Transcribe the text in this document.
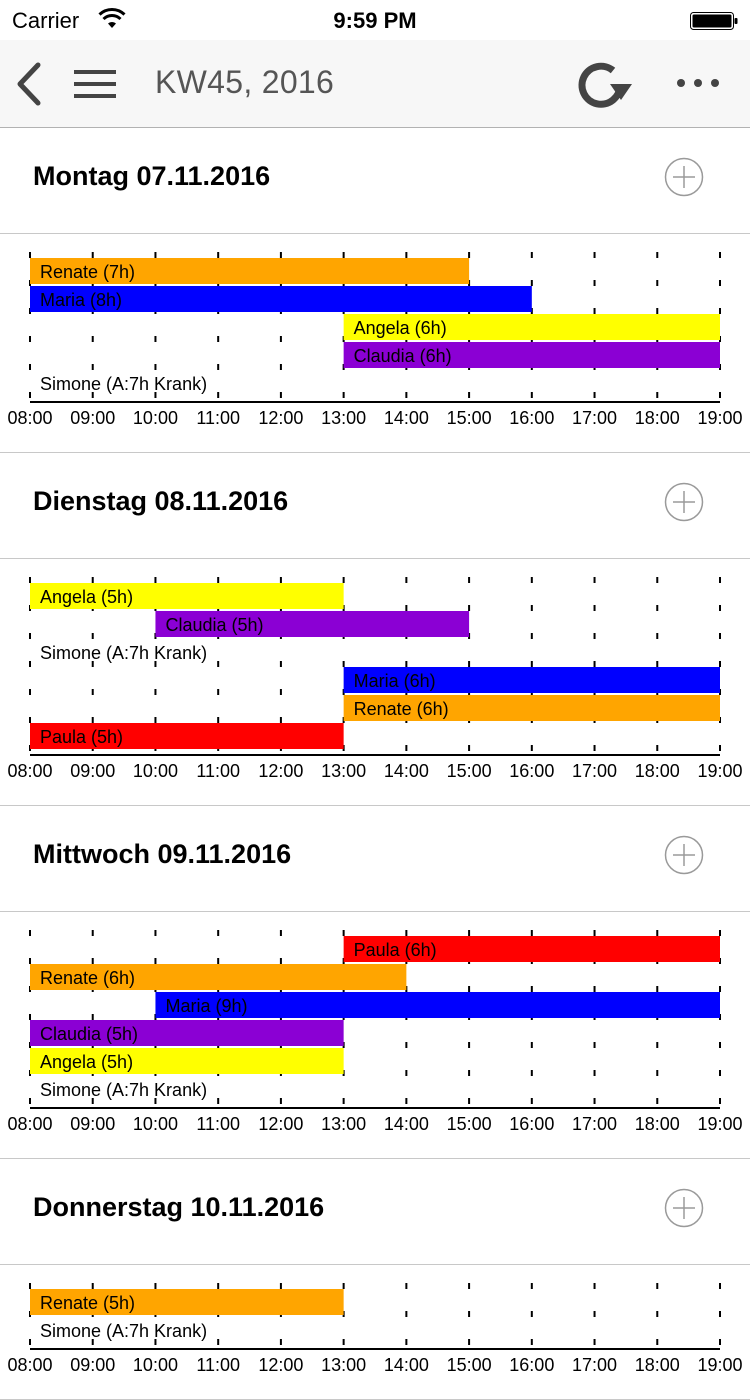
Carrier	9:59 PM
KW45, 2016
Montag 07.11.2016
Renate (7h)
Maria (8h)
Angela (6h)
Claudia (6h)
Simone (A:7h Krank)
08:00 09:00 10:00 11:00 12:00 13:00 14:00 15:00 16:00 17:00 18:00 19:00
Dienstag 08.11.2016
Angela (5h)
Claudia (5h)
Simone (A:7h Krank)
Maria (6h)
Renate (6h)
Paula (5h)
08:00 09:00 10:00 11:00 12:00 13:00 14:00 15:00 16:00 17:00 18:00 19:00
Mittwoch 09.11.2016
Paula (6h)
Renate (6h)
Maria (9h)
Claudia (5h)
Angela (5h)
Simone (A:7h Krank)
08:00 09:00 10:00 11:00 12:00 13:00 14:00 15:00 16:00 17:00 18:00 19:00
Donnerstag 10.11.2016
Renate (5h)
Simone (A:7h Krank)
08:00 09:00 10:00 11:00 12:00 13:00 14:00 15:00 16:00 17:00 18:00 19:00
